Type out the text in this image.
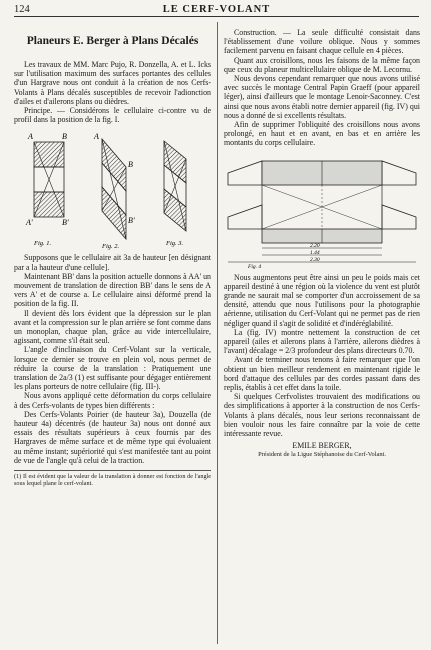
124	LE CERF-VOLANT
Planeurs E. Berger à Plans Décalés

Les travaux de MM. Marc Pujo, R. Donzella, A. et L. Icks sur l'utilisation maximum des surfaces portantes des cellules d'un Hargrave nous ont conduit à la création de nos Cerfs-Volants à Plans décalés susceptibles de recevoir l'adionction d'ailes et d'ailerons plans ou dièdres.

Principe. — Considérons le cellulaire ci-contre vu de profil dans la position de la fig. I.

A	B
A'	B'
Fig. 1.
A
B
B'
Fig. 2.	Fig. 3.

Supposons que le cellulaire ait 3a de hauteur [en désignant par a la hauteur d'une cellule].

Maintenant BB' dans la position actuelle donnons à AA' un mouvement de translation de direction BB' dans le sens de A vers A' et de course a. Le cellulaire ainsi déformé prend la position de la fig. II.

Il devient dès lors évident que la dépression sur le plan avant et la compression sur le plan arrière se font comme dans un monoplan, chaque plan, grâce au vide intercellulaire, agissant, comme s'il était seul.

L'angle d'inclinaison du Cerf-Volant sur la verticale, lorsque ce dernier se trouve en plein vol, nous permet de réduire la course de la translation : Pratiquement une translation de 2a/3 (1) est suffisante pour dégager entièrement les plans porteurs de notre cellulaire (fig. III-).

Nous avons appliqué cette déformation du corps cellulaire à des Cerfs-volants de types bien différents :

Des Cerfs-Volants Poirier (de hauteur 3a), Douzella (de hauteur 4a) décentrés (de hauteur 3a) nous ont donné aux essais des résultats supérieurs à ceux fournis par des Hargraves de même surface et de même type qui évoluaient au même instant; supériorité qui s'est manifestée tant au point de vue de l'angle qu'à celui de la traction.

(1) Il est évident que la valeur de la translation à donner est fonction de l'angle sous lequel plane le cerf-volant.

Construction. — La seule difficulté consistait dans l'établissement d'une voilure oblique. Nous y sommes facilement parvenu en faisant chaque cellule en 4 pièces.

Quant aux croisillons, nous les faisons de la même façon que ceux du planeur multicellulaire oblique de M. Lecornu.

Nous devons cependant remarquer que nous avons utilisé avec succès le montage Central Papin Graeff (pour appareil léger), ainsi d'ailleurs que le montage Lenoir-Saconney. C'est ainsi que nous avons établi notre dernier appareil (fig. IV) qui nous a donné de si excellents résultats.

Afin de supprimer l'obliquité des croisillons nous avons prolongé, en haut et en avant, en bas et en arrière les montants du corps cellulaire.

2.20
1.44
2.30
Fig. 4

Nous augmentons peut être ainsi un peu le poids mais cet appareil destiné à une région où la violence du vent est plutôt grande ne saurait mal se comporter d'un accroissement de sa densité, attendu que nous l'utilisons pour la photographie aérienne, utilisation du Cerf-Volant qui ne permet pas de rien négliger quand il s'agit de solidité et d'indéréglabilité.

La (fig. IV) montre nettement la construction de cet appareil (ailes et ailerons plans à l'arrière, ailerons dièdres à l'avant) décalage = 2/3 profondeur des plans directeurs 0.70.

Avant de terminer nous tenons à faire remarquer que l'on obtient un bien meilleur rendement en maintenant rigide le bord d'attaque des cellules par des cordes passant dans des replis, établis à cet effet dans la toile.

Si quelques Cerfvolistes trouvaient des modifications ou des simplifications à apporter à la construction de nos Cerfs-Volants à plans décalés, nous leur serions reconnaissant de bien vouloir nous les faire connaître par la voie de cette intéressante revue.

EMILE BERGER,
Président de la Ligue Stéphanoise du Cerf-Volant.
